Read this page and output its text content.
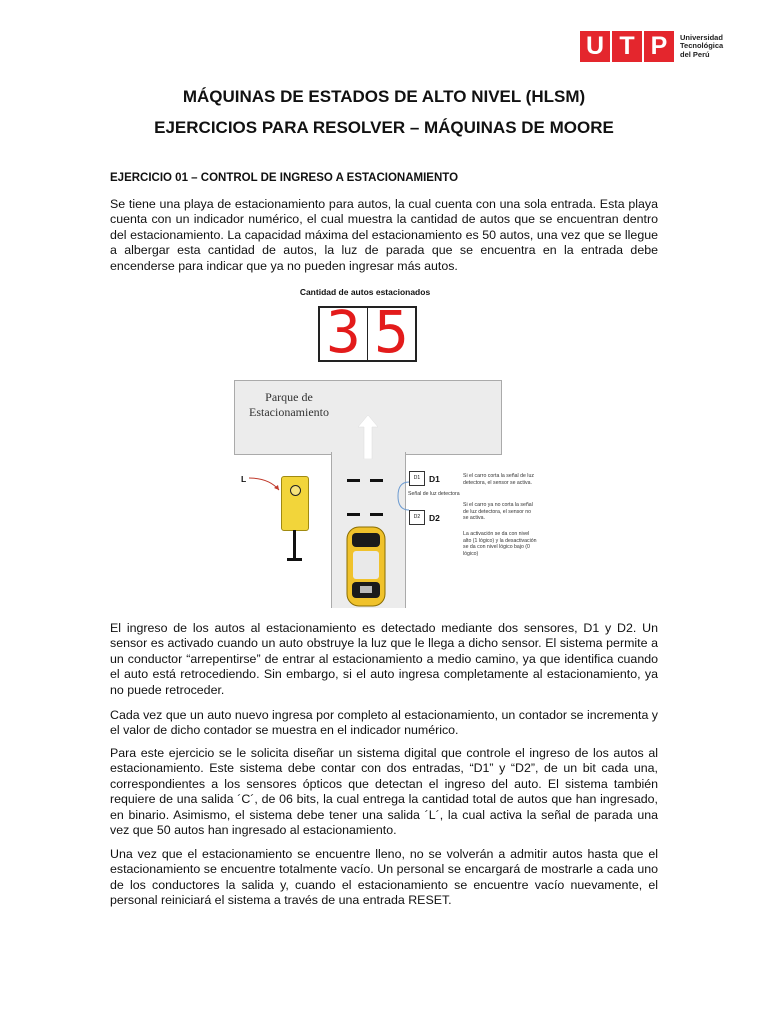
U T P	Universidad
Tecnológica
del Perú
MÁQUINAS DE ESTADOS DE ALTO NIVEL (HLSM)
EJERCICIOS PARA RESOLVER – MÁQUINAS DE MOORE

EJERCICIO 01 – CONTROL DE INGRESO A ESTACIONAMIENTO

Se tiene una playa de estacionamiento para autos, la cual cuenta con una sola entrada. Esta playa cuenta con un indicador numérico, el cual muestra la cantidad de autos que se encuentran dentro del estacionamiento. La capacidad máxima del estacionamiento es 50 autos, una vez que se llegue a albergar esta cantidad de autos, la luz de parada que se encuentra en la entrada debe encenderse para indicar que ya no pueden ingresar más autos.

Cantidad de autos estacionados
3 5
Parque de
Estacionamiento
D1
D2
D1
D2
Señal de luz detectora
Si el carro corta la señal de luz detectora, el sensor se activa.
Si el carro ya no corta la señal de luz detectora, el sensor no se activa.
La activación se da con nivel alto (1 lógico) y la desactivación se da con nivel lógico bajo (0 lógico)
L

El ingreso de los autos al estacionamiento es detectado mediante dos sensores, D1 y D2. Un sensor es activado cuando un auto obstruye la luz que le llega a dicho sensor. El sistema permite a un conductor “arrepentirse” de entrar al estacionamiento a medio camino, ya que identifica cuando el auto está retrocediendo. Sin embargo, si el auto ingresa completamente al estacionamiento, ya no puede retroceder.

Cada vez que un auto nuevo ingresa por completo al estacionamiento, un contador se incrementa y el valor de dicho contador se muestra en el indicador numérico.

Para este ejercicio se le solicita diseñar un sistema digital que controle el ingreso de los autos al estacionamiento. Este sistema debe contar con dos entradas, “D1” y “D2”, de un bit cada una, correspondientes a los sensores ópticos que detectan el ingreso del auto. El sistema también requiere de una salida ´C´, de 06 bits, la cual entrega la cantidad total de autos que han ingresado, en binario. Asimismo, el sistema debe tener una salida ´L´, la cual activa la señal de parada una vez que 50 autos han ingresado al estacionamiento.

Una vez que el estacionamiento se encuentre lleno, no se volverán a admitir autos hasta que el estacionamiento se encuentre totalmente vacío. Un personal se encargará de mostrarle a cada uno de los conductores la salida y, cuando el estacionamiento se encuentre vacío nuevamente, el personal reiniciará el sistema a través de una entrada RESET.
